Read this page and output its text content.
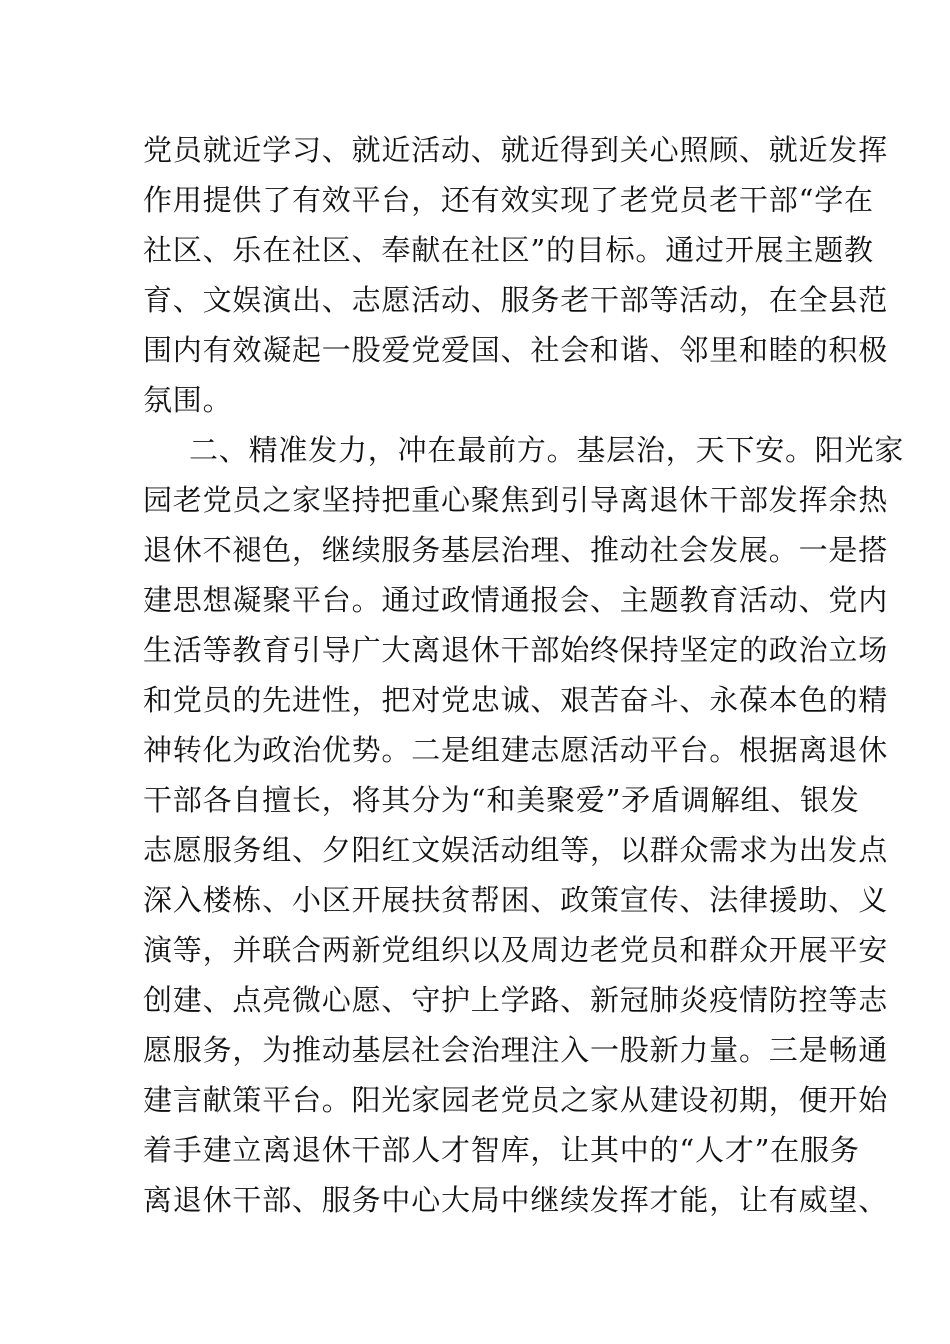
党员就近学习、就近活动、就近得到关心照顾、就近发挥
作用提供了有效平台，还有效实现了老党员老干部“学在
社区、乐在社区、奉献在社区”的目标。通过开展主题教
育、文娱演出、志愿活动、服务老干部等活动，在全县范
围内有效凝起一股爱党爱国、社会和谐、邻里和睦的积极
氛围。
二、精准发力，冲在最前方。基层治，天下安。阳光家
园老党员之家坚持把重心聚焦到引导离退休干部发挥余热
退休不褪色，继续服务基层治理、推动社会发展。一是搭
建思想凝聚平台。通过政情通报会、主题教育活动、党内
生活等教育引导广大离退休干部始终保持坚定的政治立场
和党员的先进性，把对党忠诚、艰苦奋斗、永葆本色的精
神转化为政治优势。二是组建志愿活动平台。根据离退休
干部各自擅长，将其分为“和美聚爱”矛盾调解组、银发
志愿服务组、夕阳红文娱活动组等，以群众需求为出发点
深入楼栋、小区开展扶贫帮困、政策宣传、法律援助、义
演等，并联合两新党组织以及周边老党员和群众开展平安
创建、点亮微心愿、守护上学路、新冠肺炎疫情防控等志
愿服务，为推动基层社会治理注入一股新力量。三是畅通
建言献策平台。阳光家园老党员之家从建设初期，便开始
着手建立离退休干部人才智库，让其中的“人才”在服务
离退休干部、服务中心大局中继续发挥才能，让有威望、
